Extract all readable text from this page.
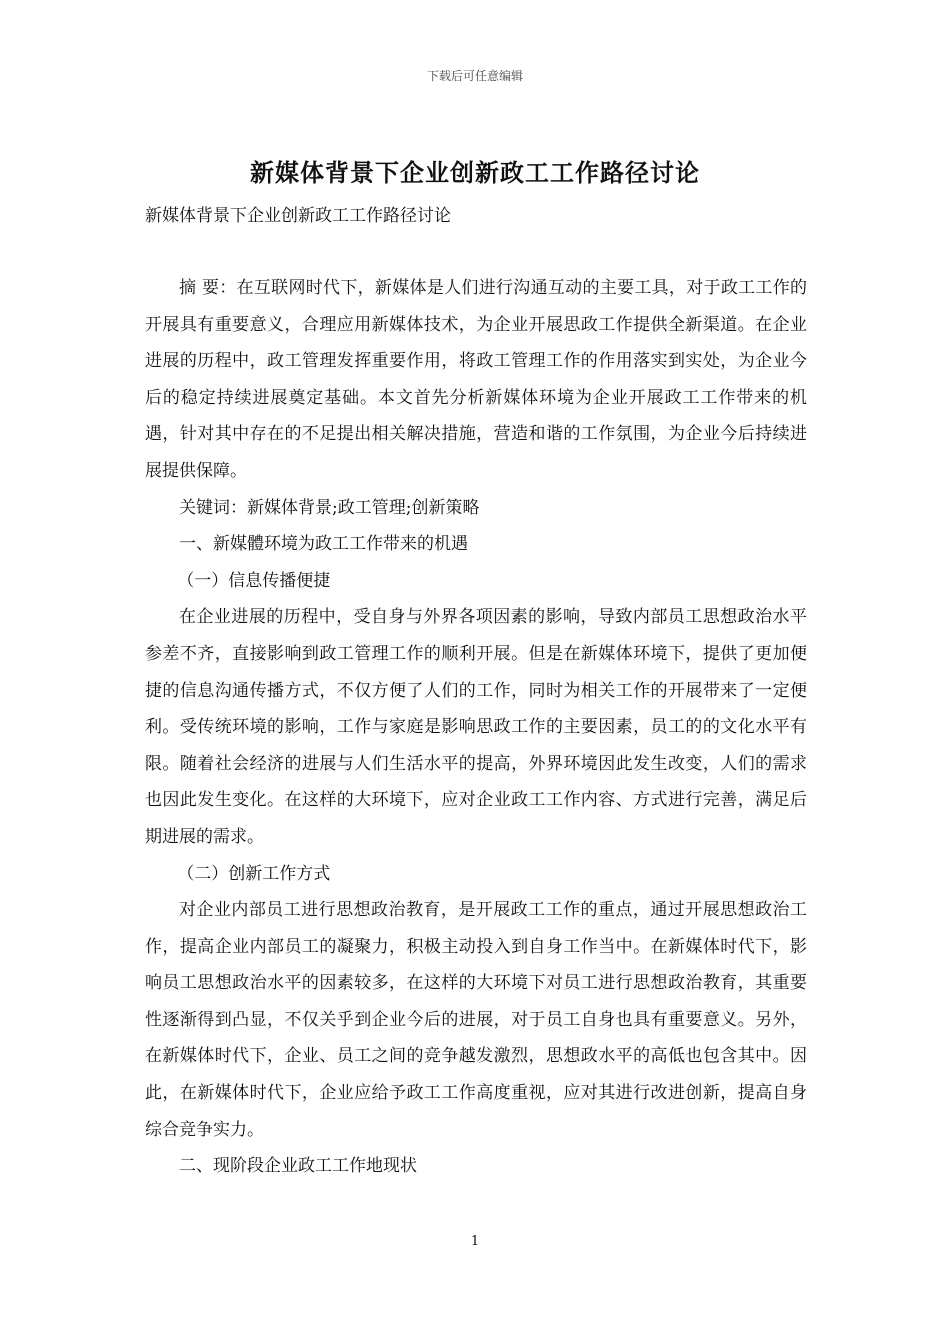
下载后可任意编辑
新媒体背景下企业创新政工工作路径讨论
新媒体背景下企业创新政工工作路径讨论

摘 要：在互联网时代下，新媒体是人们进行沟通互动的主要工具，对于政工工作的开展具有重要意义，合理应用新媒体技术，为企业开展思政工作提供全新渠道。在企业进展的历程中，政工管理发挥重要作用，将政工管理工作的作用落实到实处，为企业今后的稳定持续进展奠定基础。本文首先分析新媒体环境为企业开展政工工作带来的机遇，针对其中存在的不足提出相关解决措施，营造和谐的工作氛围，为企业今后持续进展提供保障。

关键词：新媒体背景;政工管理;创新策略

一、新媒體环境为政工工作带来的机遇

（一）信息传播便捷

在企业进展的历程中，受自身与外界各项因素的影响，导致内部员工思想政治水平参差不齐，直接影响到政工管理工作的顺利开展。但是在新媒体环境下，提供了更加便捷的信息沟通传播方式，不仅方便了人们的工作，同时为相关工作的开展带来了一定便利。受传统环境的影响，工作与家庭是影响思政工作的主要因素，员工的的文化水平有限。随着社会经济的进展与人们生活水平的提高，外界环境因此发生改变，人们的需求也因此发生变化。在这样的大环境下，应对企业政工工作内容、方式进行完善，满足后期进展的需求。

（二）创新工作方式

对企业内部员工进行思想政治教育，是开展政工工作的重点，通过开展思想政治工作，提高企业内部员工的凝聚力，积极主动投入到自身工作当中。在新媒体时代下，影响员工思想政治水平的因素较多，在这样的大环境下对员工进行思想政治教育，其重要性逐渐得到凸显，不仅关乎到企业今后的进展，对于员工自身也具有重要意义。另外，在新媒体时代下，企业、员工之间的竞争越发激烈，思想政水平的高低也包含其中。因此，在新媒体时代下，企业应给予政工工作高度重视，应对其进行改进创新，提高自身综合竞争实力。

二、现阶段企业政工工作地现状

1
